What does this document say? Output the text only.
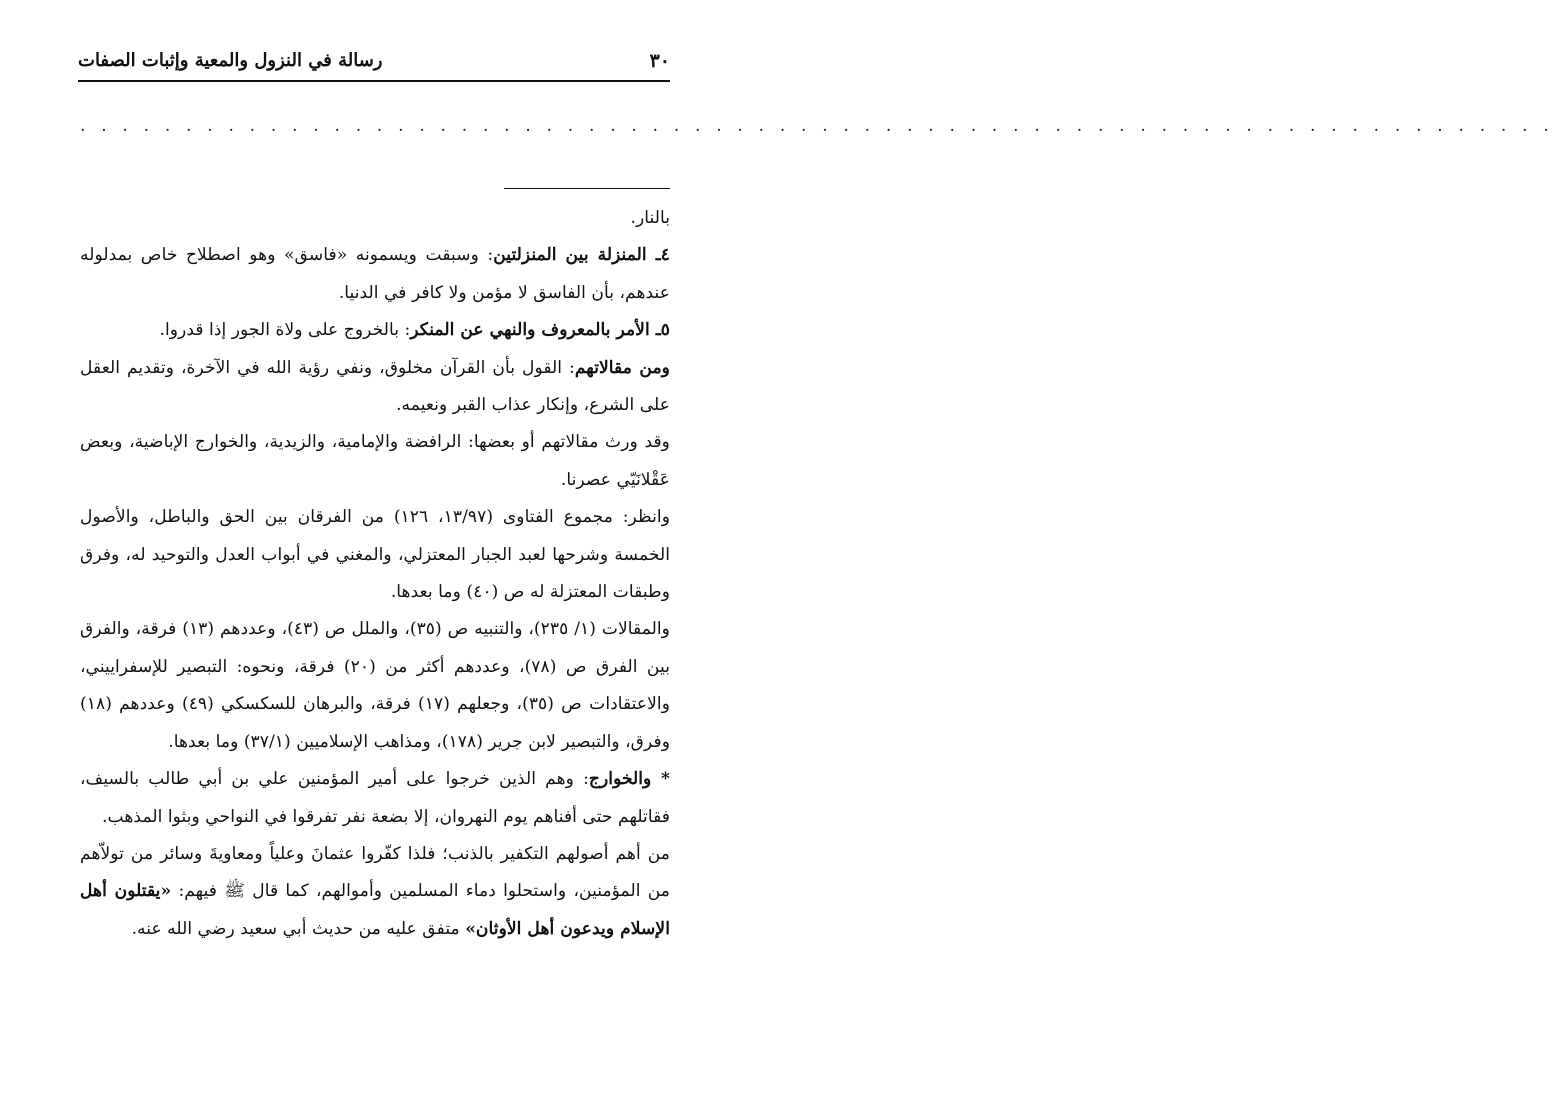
٣٠
رسالة في النزول والمعية وإثبات الصفات
. . . . . . . . . . . . . . . . . . . . . . . . . . . . . . . . . . . . . . . . . . . . . . . . . . . . . . . . . . . . . . . . . . . . . .

بالنار.

٤ـ المنزلة بين المنزلتين: وسبقت ويسمونه «فاسق» وهو اصطلاح خاص بمدلوله عندهم، بأن الفاسق لا مؤمن ولا كافر في الدنيا.

٥ـ الأمر بالمعروف والنهي عن المنكر: بالخروج على ولاة الجور إذا قدروا.

ومن مقالاتهم: القول بأن القرآن مخلوق، ونفي رؤية الله في الآخرة، وتقديم العقل على الشرع، وإنكار عذاب القبر ونعيمه.

وقد ورث مقالاتهم أو بعضها: الرافضة والإمامية، والزيدية، والخوارج الإباضية، وبعض عَقْلانَيّي عصرنا.

وانظر: مجموع الفتاوى (١٣/٩٧، ١٢٦) من الفرقان بين الحق والباطل، والأصول الخمسة وشرحها لعبد الجبار المعتزلي، والمغني في أبواب العدل والتوحيد له، وفرق وطبقات المعتزلة له ص (٤٠) وما بعدها.

والمقالات (١/ ٢٣٥)، والتنبيه ص (٣٥)، والملل ص (٤٣)، وعددهم (١٣) فرقة، والفرق بين الفرق ص (٧٨)، وعددهم أكثر من (٢٠) فرقة، ونحوه: التبصير للإسفراييني، والاعتقادات ص (٣٥)، وجعلهم (١٧) فرقة، والبرهان للسكسكي (٤٩) وعددهم (١٨) وفرق، والتبصير لابن جرير (١٧٨)، ومذاهب الإسلاميين (٣٧/١) وما بعدها.

* والخوارج: وهم الذين خرجوا على أمير المؤمنين علي بن أبي طالب بالسيف، فقاتلهم حتى أفناهم يوم النهروان، إلا بضعة نفر تفرقوا في النواحي وبثوا المذهب.

من أهم أصولهم التكفير بالذنب؛ فلذا كفّروا عثمانَ وعلياً ومعاويةَ وسائر من تولاّهم من المؤمنين، واستحلوا دماء المسلمين وأموالهم، كما قال ﷺ فيهم: «يقتلون أهل الإسلام ويدعون أهل الأوثان» متفق عليه من حديث أبي سعيد رضي الله عنه.
